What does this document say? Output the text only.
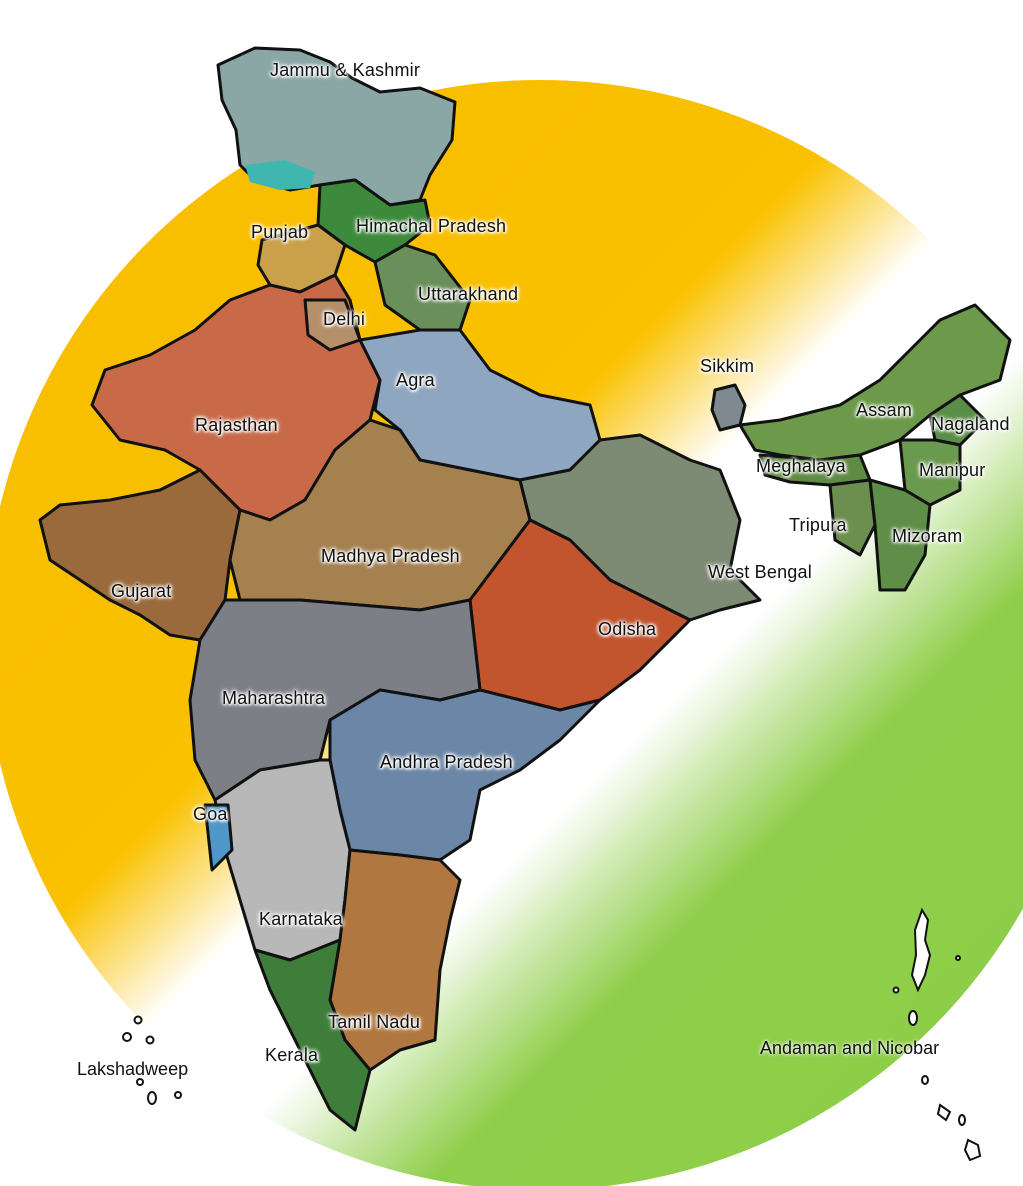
Jammu & Kashmir
Himachal Pradesh
Punjab
Uttarakhand
Delhi
Agra
Rajasthan
Sikkim
Assam
Nagaland
Meghalaya	Manipur
Tripura
Mizoram
Gujarat
Madhya Pradesh
West Bengal
Odisha
Maharashtra
Andhra Pradesh
Goa
Karnataka
Tamil Nadu
Kerala
Lakshadweep
Andaman and Nicobar
